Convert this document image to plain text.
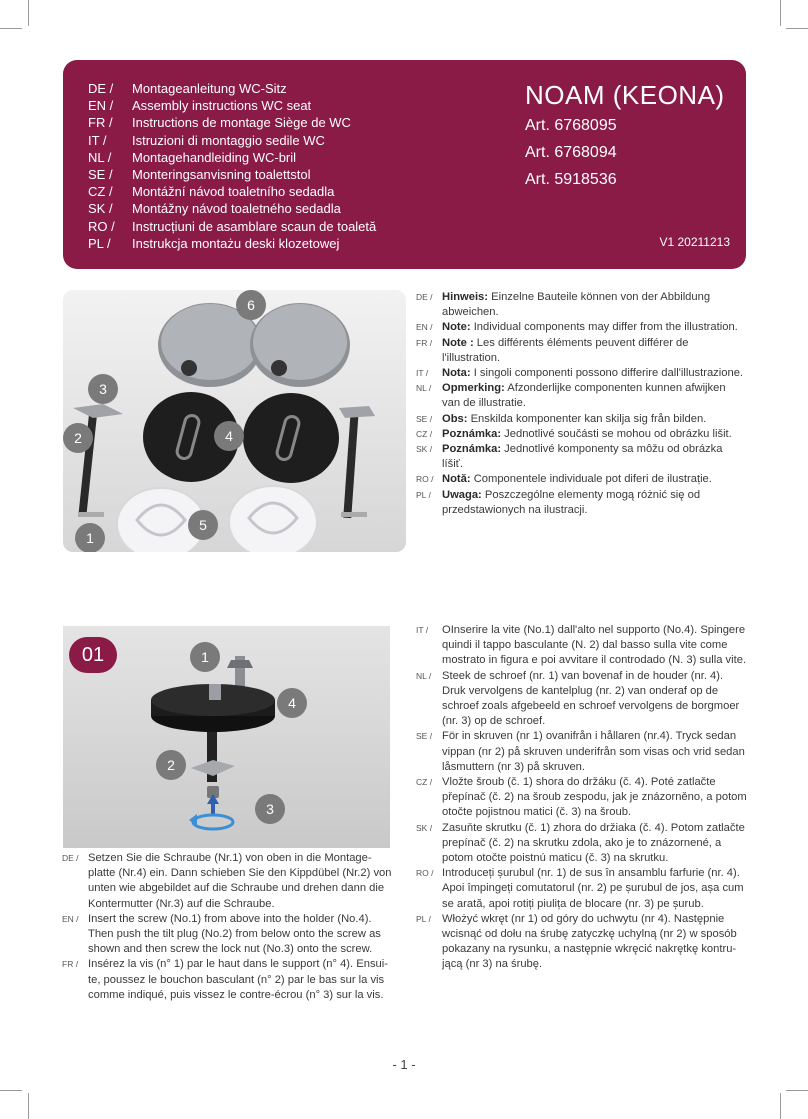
DE /	Montageanleitung WC-Sitz
EN /	Assembly instructions WC seat
FR /	Instructions de montage Siège de WC
IT /	Istruzioni di montaggio sedile WC
NL /	Montagehandleiding WC-bril
SE /	Monteringsanvisning toalettstol
CZ /	Montážní návod toaletního sedadla
SK /	Montážny návod toaletného sedadla
RO /	Instrucțiuni de asamblare scaun de toaletă
PL /	Instrukcja montażu deski klozetowej
NOAM (KEONA)
Art. 6768095
Art. 6768094
Art. 5918536
V1 20211213
6
3
2	4
1
5
DE / Hinweis: Einzelne Bauteile können von der Abbildung abweichen.
EN / Note: Individual components may differ from the illustration.
FR / Note : Les différents éléments peuvent différer de l'illustration.
IT /	Nota: I singoli componenti possono differire dall'illustrazione.
NL / Opmerking: Afzonderlijke componenten kunnen afwijken van de illustratie.
SE / Obs: Enskilda komponenter kan skilja sig från bilden.
CZ / Poznámka: Jednotlivé součásti se mohou od obrázku lišit.
SK / Poznámka: Jednotlivé komponenty sa môžu od obrázka líšiť.
RO / Notă: Componentele individuale pot diferi de ilustrație.
PL / Uwaga: Poszczególne elementy mogą różnić się od przedstawionych na ilustracji.
01	1
4
2
3
DE / Setzen Sie die Schraube (Nr.1) von oben in die Montageplatte (Nr.4) ein. Dann schieben Sie den Kippdübel (Nr.2) von unten wie abgebildet auf die Schraube und drehen dann die Kontermutter (Nr.3) auf die Schraube.
EN / Insert the screw (No.1) from above into the holder (No.4). Then push the tilt plug (No.2) from below onto the screw as shown and then screw the lock nut (No.3) onto the screw.
FR / Insérez la vis (n° 1) par le haut dans le support (n° 4). Ensuite, poussez le bouchon basculant (n° 2) par le bas sur la vis comme indiqué, puis vissez le contre-écrou (n° 3) sur la vis.
IT /	OInserire la vite (No.1) dall'alto nel supporto (No.4). Spingere quindi il tappo basculante (N. 2) dal basso sulla vite come mostrato in figura e poi avvitare il controdado (N. 3) sulla vite.
NL / Steek de schroef (nr. 1) van bovenaf in de houder (nr. 4). Druk vervolgens de kantelplug (nr. 2) van onderaf op de schroef zoals afgebeeld en schroef vervolgens de borgmoer (nr. 3) op de schroef.
SE / För in skruven (nr 1) ovanifrån i hållaren (nr.4). Tryck sedan vippan (nr 2) på skruven underifrån som visas och vrid sedan låsmuttern (nr 3) på skruven.
CZ / Vložte šroub (č. 1) shora do držáku (č. 4). Poté zatlačte přepínač (č. 2) na šroub zespodu, jak je znázorněno, a potom otočte pojistnou matici (č. 3) na šroub.
SK / Zasuňte skrutku (č. 1) zhora do držiaka (č. 4). Potom zatlačte prepínač (č. 2) na skrutku zdola, ako je to znázornené, a potom otočte poistnú maticu (č. 3) na skrutku.
RO / Introduceți șurubul (nr. 1) de sus în ansamblu farfurie (nr. 4). Apoi împingeți comutatorul (nr. 2) pe șurubul de jos, așa cum se arată, apoi rotiți piulița de blocare (nr. 3) pe șurub.
PL / Włożyć wkręt (nr 1) od góry do uchwytu (nr 4). Następnie wcisnąć od dołu na śrubę zatyczkę uchylną (nr 2) w sposób pokazany na rysunku, a następnie wkręcić nakrętkę kontrującą (nr 3) na śrubę.
- 1 -
